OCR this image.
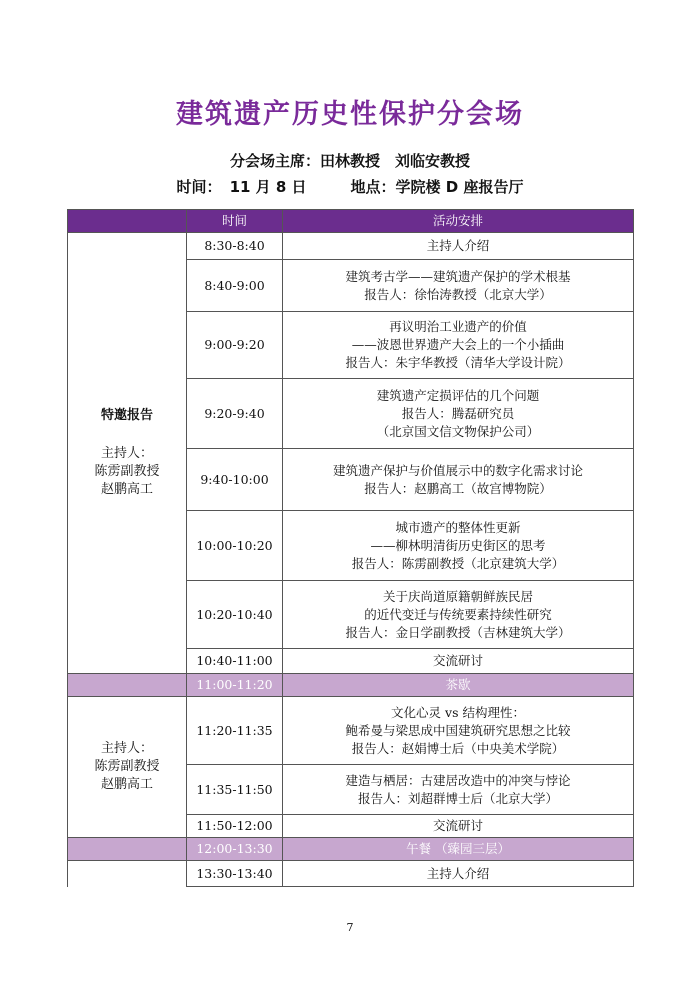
建筑遗产历史性保护分会场
分会场主席：田林教授　刘临安教授
时间： 11 月 8 日	地点：学院楼 D 座报告厅
	时间	活动安排

特邀报告
主持人：
陈雳副教授
赵鹏高工	8:30-8:40	主持人介绍

	8:40-9:00	建筑考古学——建筑遗产保护的学术根基
报告人：徐怡涛教授（北京大学）

	9:00-9:20	再议明治工业遗产的价值
——波恩世界遗产大会上的一个小插曲
报告人：朱宇华教授（清华大学设计院）

	9:20-9:40	建筑遗产定损评估的几个问题
报告人：腾磊研究员
（北京国文信文物保护公司）

	9:40-10:00	建筑遗产保护与价值展示中的数字化需求讨论
报告人：赵鹏高工（故宫博物院）

	10:00-10:20	城市遗产的整体性更新
——柳林明清街历史街区的思考
报告人：陈雳副教授（北京建筑大学）

	10:20-10:40	关于庆尚道原籍朝鲜族民居
的近代变迁与传统要素持续性研究
报告人：金日学副教授（吉林建筑大学）

	10:40-11:00	交流研讨

	11:00-11:20	茶歇

主持人：
陈雳副教授
赵鹏高工	11:20-11:35	文化心灵 vs 结构理性：
鲍希曼与梁思成中国建筑研究思想之比较
报告人：赵娟博士后（中央美术学院）

	11:35-11:50	建造与栖居：古建居改造中的冲突与悖论
报告人：刘超群博士后（北京大学）

	11:50-12:00	交流研讨

	12:00-13:30	午餐 （臻园三层）
	13:30-13:40	主持人介绍
7
